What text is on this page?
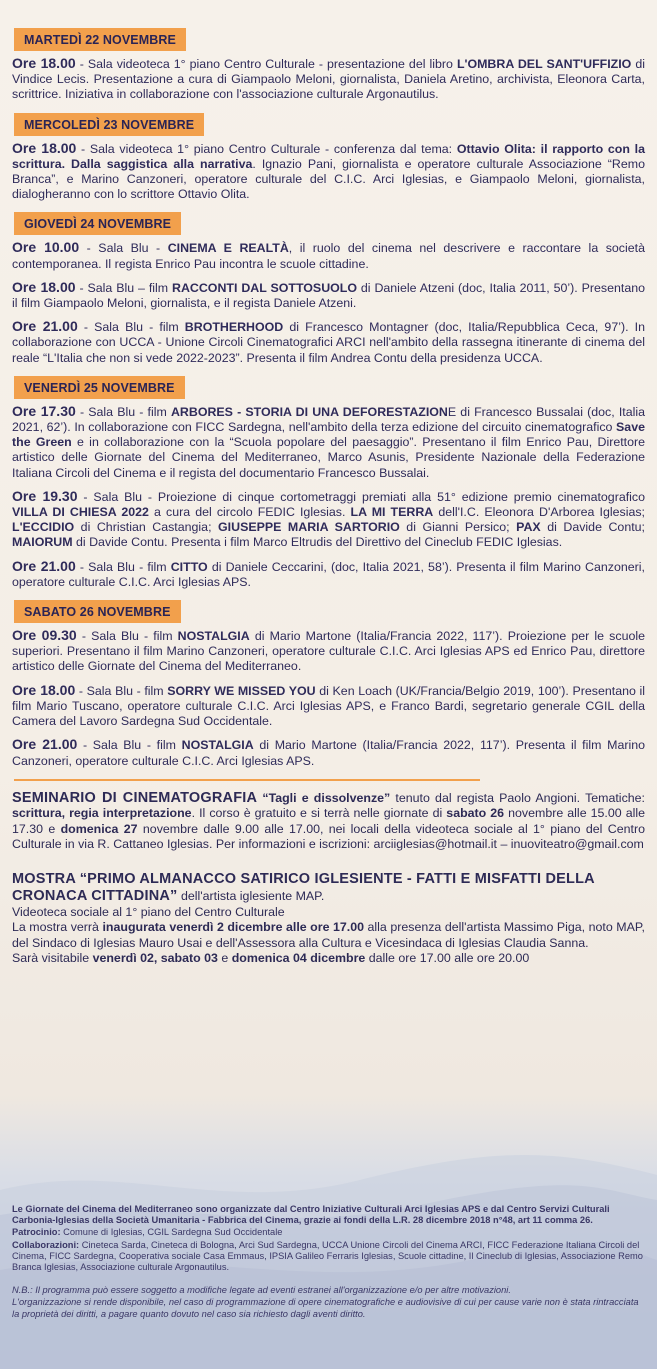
MARTEDÌ 22 NOVEMBRE

Ore 18.00 - Sala videoteca 1° piano Centro Culturale - presentazione del libro L'OMBRA DEL SANT'UFFIZIO di Vindice Lecis. Presentazione a cura di Giampaolo Meloni, giornalista, Daniela Aretino, archivista, Eleonora Carta, scrittrice. Iniziativa in collaborazione con l'associazione culturale Argonautilus.

MERCOLEDÌ 23 NOVEMBRE

Ore 18.00 - Sala videoteca 1° piano Centro Culturale - conferenza dal tema: Ottavio Olita: il rapporto con la scrittura. Dalla saggistica alla narrativa. Ignazio Pani, giornalista e operatore culturale Associazione “Remo Branca”, e Marino Canzoneri, operatore culturale del C.I.C. Arci Iglesias, e Giampaolo Meloni, giornalista, dialogheranno con lo scrittore Ottavio Olita.

GIOVEDÌ 24 NOVEMBRE

Ore 10.00 - Sala Blu - CINEMA E REALTÀ, il ruolo del cinema nel descrivere e raccontare la società contemporanea. Il regista Enrico Pau incontra le scuole cittadine.

Ore 18.00 - Sala Blu – film RACCONTI DAL SOTTOSUOLO di Daniele Atzeni (doc, Italia 2011, 50’). Presentano il film Giampaolo Meloni, giornalista, e il regista Daniele Atzeni.

Ore 21.00 - Sala Blu - film BROTHERHOOD di Francesco Montagner (doc, Italia/Repubblica Ceca, 97’). In collaborazione con UCCA - Unione Circoli Cinematografici ARCI nell'ambito della rassegna itinerante di cinema del reale “L'Italia che non si vede 2022-2023”. Presenta il film Andrea Contu della presidenza UCCA.

VENERDÌ 25 NOVEMBRE

Ore 17.30 - Sala Blu - film ARBORES - STORIA DI UNA DEFORESTAZIONE di Francesco Bussalai (doc, Italia 2021, 62’). In collaborazione con FICC Sardegna, nell'ambito della terza edizione del circuito cinematografico Save the Green e in collaborazione con la “Scuola popolare del paesaggio”. Presentano il film Enrico Pau, Direttore artistico delle Giornate del Cinema del Mediterraneo, Marco Asunis, Presidente Nazionale della Federazione Italiana Circoli del Cinema e il regista del documentario Francesco Bussalai.

Ore 19.30 - Sala Blu - Proiezione di cinque cortometraggi premiati alla 51° edizione premio cinematografico VILLA DI CHIESA 2022 a cura del circolo FEDIC Iglesias. LA MI TERRA dell'I.C. Eleonora D'Arborea Iglesias; L'ECCIDIO di Christian Castangia; GIUSEPPE MARIA SARTORIO di Gianni Persico; PAX di Davide Contu; MAIORUM di Davide Contu. Presenta i film Marco Eltrudis del Direttivo del Cineclub FEDIC Iglesias.

Ore 21.00 - Sala Blu - film CITTO di Daniele Ceccarini, (doc, Italia 2021, 58’). Presenta il film Marino Canzoneri, operatore culturale C.I.C. Arci Iglesias APS.

SABATO 26 NOVEMBRE

Ore 09.30 - Sala Blu - film NOSTALGIA di Mario Martone (Italia/Francia 2022, 117’). Proiezione per le scuole superiori. Presentano il film Marino Canzoneri, operatore culturale C.I.C. Arci Iglesias APS ed Enrico Pau, direttore artistico delle Giornate del Cinema del Mediterraneo.

Ore 18.00 - Sala Blu - film SORRY WE MISSED YOU di Ken Loach (UK/Francia/Belgio 2019, 100’). Presentano il film Mario Tuscano, operatore culturale C.I.C. Arci Iglesias APS, e Franco Bardi, segretario generale CGIL della Camera del Lavoro Sardegna Sud Occidentale.

Ore 21.00 - Sala Blu - film NOSTALGIA di Mario Martone (Italia/Francia 2022, 117’). Presenta il film Marino Canzoneri, operatore culturale C.I.C. Arci Iglesias APS.

SEMINARIO DI CINEMATOGRAFIA “Tagli e dissolvenze” tenuto dal regista Paolo Angioni. Tematiche: scrittura, regia interpretazione. Il corso è gratuito e si terrà nelle giornate di sabato 26 novembre alle 15.00 alle 17.30 e domenica 27 novembre dalle 9.00 alle 17.00, nei locali della videoteca sociale al 1° piano del Centro Culturale in via R. Cattaneo Iglesias. Per informazioni e iscrizioni: arciiglesias@hotmail.it – inuoviteatro@gmail.com

MOSTRA “PRIMO ALMANACCO SATIRICO IGLESIENTE - FATTI E MISFATTI DELLA CRONACA CITTADINA” dell'artista iglesiente MAP.

Videoteca sociale al 1° piano del Centro Culturale

La mostra verrà inaugurata venerdì 2 dicembre alle ore 17.00 alla presenza dell'artista Massimo Piga, noto MAP, del Sindaco di Iglesias Mauro Usai e dell'Assessora alla Cultura e Vicesindaca di Iglesias Claudia Sanna.

Sarà visitabile venerdì 02, sabato 03 e domenica 04 dicembre dalle ore 17.00 alle ore 20.00

Le Giornate del Cinema del Mediterraneo sono organizzate dal Centro Iniziative Culturali Arci Iglesias APS e dal Centro Servizi Culturali Carbonia-Iglesias della Società Umanitaria - Fabbrica del Cinema, grazie ai fondi della L.R. 28 dicembre 2018 n°48, art 11 comma 26.

Patrocinio: Comune di Iglesias, CGIL Sardegna Sud Occidentale

Collaborazioni: Cineteca Sarda, Cineteca di Bologna, Arci Sud Sardegna, UCCA Unione Circoli del Cinema ARCI, FICC Federazione Italiana Circoli del Cinema, FICC Sardegna, Cooperativa sociale Casa Emmaus, IPSIA Galileo Ferraris Iglesias, Scuole cittadine, Il Cineclub di Iglesias, Associazione Remo Branca Iglesias, Associazione culturale Argonautilus.

N.B.: Il programma può essere soggetto a modifiche legate ad eventi estranei all'organizzazione e/o per altre motivazioni.

L'organizzazione si rende disponibile, nel caso di programmazione di opere cinematografiche e audiovisive di cui per cause varie non è stata rintracciata la proprietà dei diritti, a pagare quanto dovuto nel caso sia richiesto dagli aventi diritto.
